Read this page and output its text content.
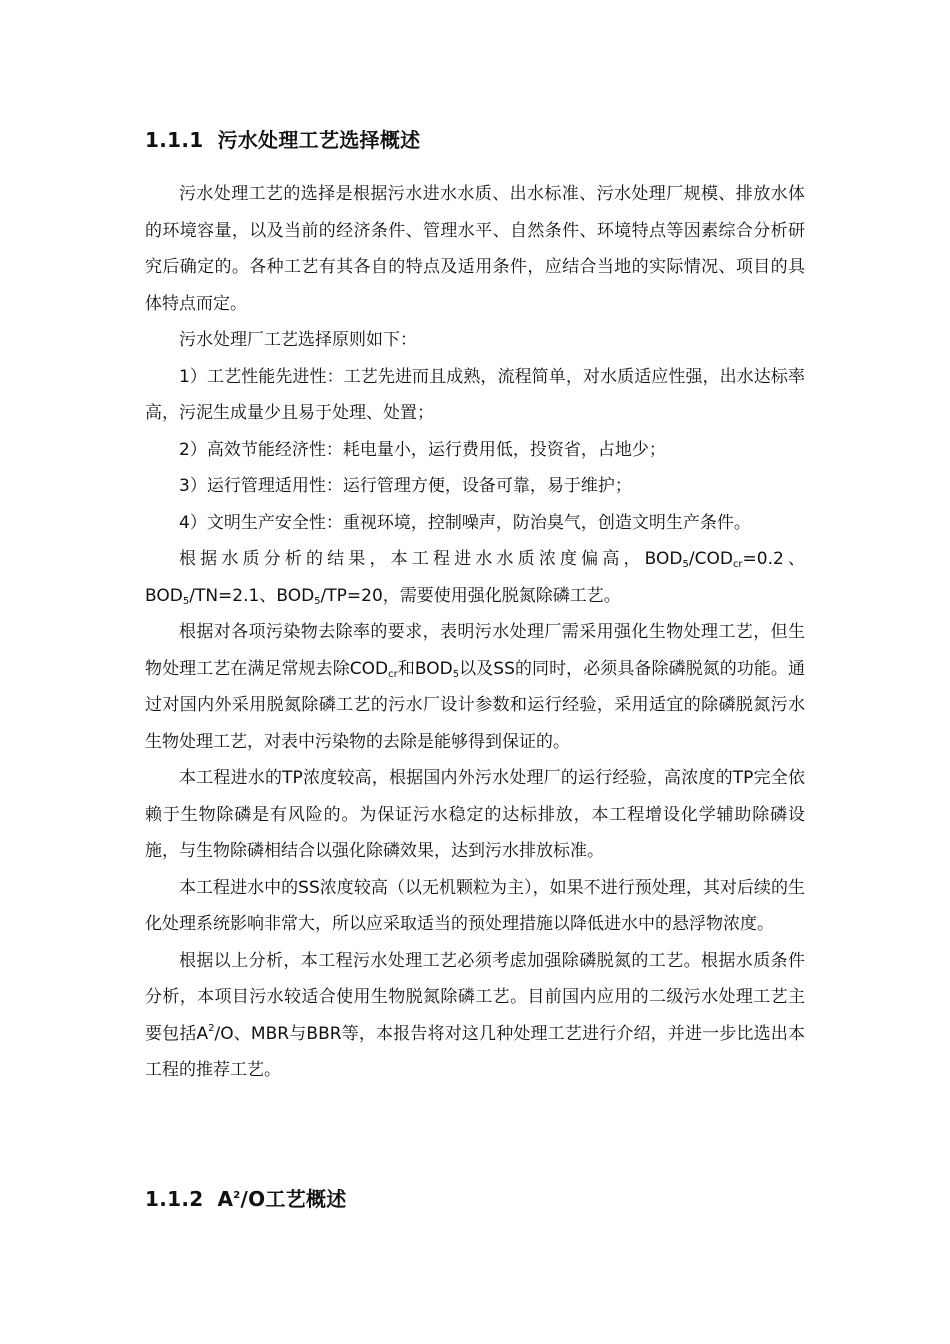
1.1.1 污水处理工艺选择概述

污水处理工艺的选择是根据污水进水水质、出水标准、污水处理厂规模、排放水体的环境容量，以及当前的经济条件、管理水平、自然条件、环境特点等因素综合分析研究后确定的。各种工艺有其各自的特点及适用条件，应结合当地的实际情况、项目的具体特点而定。

污水处理厂工艺选择原则如下：

1）工艺性能先进性：工艺先进而且成熟，流程简单，对水质适应性强，出水达标率高，污泥生成量少且易于处理、处置；

2）高效节能经济性：耗电量小，运行费用低，投资省，占地少；

3）运行管理适用性：运行管理方便，设备可靠，易于维护；

4）文明生产安全性：重视环境，控制噪声，防治臭气，创造文明生产条件。

根据水质分析的结果，本工程进水水质浓度偏高，$BOD_5/COD_{cr}=0.2$、$BOD_5/TN=2.1$、$BOD_5/TP=20$，需要使用强化脱氮除磷工艺。

根据对各项污染物去除率的要求，表明污水处理厂需采用强化生物处理工艺，但生物处理工艺在满足常规去除$COD_{cr}$和$BOD_5$以及SS的同时，必须具备除磷脱氮的功能。通过对国内外采用脱氮除磷工艺的污水厂设计参数和运行经验，采用适宜的除磷脱氮污水生物处理工艺，对表中污染物的去除是能够得到保证的。

本工程进水的TP浓度较高，根据国内外污水处理厂的运行经验，高浓度的TP完全依赖于生物除磷是有风险的。为保证污水稳定的达标排放，本工程增设化学辅助除磷设施，与生物除磷相结合以强化除磷效果，达到污水排放标准。

本工程进水中的SS浓度较高（以无机颗粒为主），如果不进行预处理，其对后续的生化处理系统影响非常大，所以应采取适当的预处理措施以降低进水中的悬浮物浓度。

根据以上分析，本工程污水处理工艺必须考虑加强除磷脱氮的工艺。根据水质条件分析，本项目污水较适合使用生物脱氮除磷工艺。目前国内应用的二级污水处理工艺主要包括$A^2/O$、MBR与BBR等，本报告将对这几种处理工艺进行介绍，并进一步比选出本工程的推荐工艺。

1.1.2 $A^2/O$工艺概述
